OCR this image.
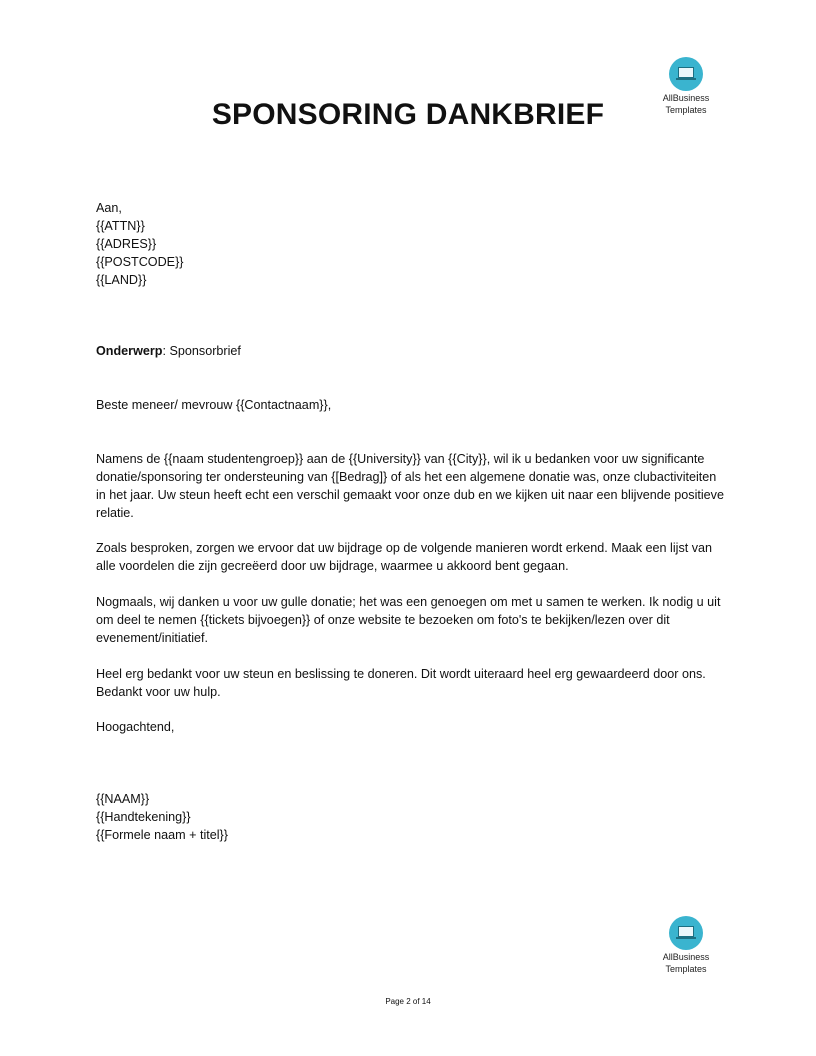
AllBusiness
Templates
SPONSORING DANKBRIEF
Aan,
{{ATTN}}
{{ADRES}}
{{POSTCODE}}
{{LAND}}
Onderwerp: Sponsorbrief
Beste meneer/ mevrouw {{Contactnaam}},
Namens de {{naam studentengroep}} aan de {{University}} van {{City}}, wil ik u bedanken voor uw significante donatie/sponsoring ter ondersteuning van {[Bedrag]} of als het een algemene donatie was, onze clubactiviteiten in het jaar. Uw steun heeft echt een verschil gemaakt voor onze dub en we kijken uit naar een blijvende positieve relatie.
Zoals besproken, zorgen we ervoor dat uw bijdrage op de volgende manieren wordt erkend. Maak een lijst van alle voordelen die zijn gecreëerd door uw bijdrage, waarmee u akkoord bent gegaan.
Nogmaals, wij danken u voor uw gulle donatie; het was een genoegen om met u samen te werken. Ik nodig u uit om deel te nemen {{tickets bijvoegen}} of onze website te bezoeken om foto's te bekijken/lezen over dit evenement/initiatief.
Heel erg bedankt voor uw steun en beslissing te doneren. Dit wordt uiteraard heel erg gewaardeerd door ons. Bedankt voor uw hulp.
Hoogachtend,
{{NAAM}}
{{Handtekening}}
{{Formele naam + titel}}
AllBusiness
Templates
Page 2 of 14
